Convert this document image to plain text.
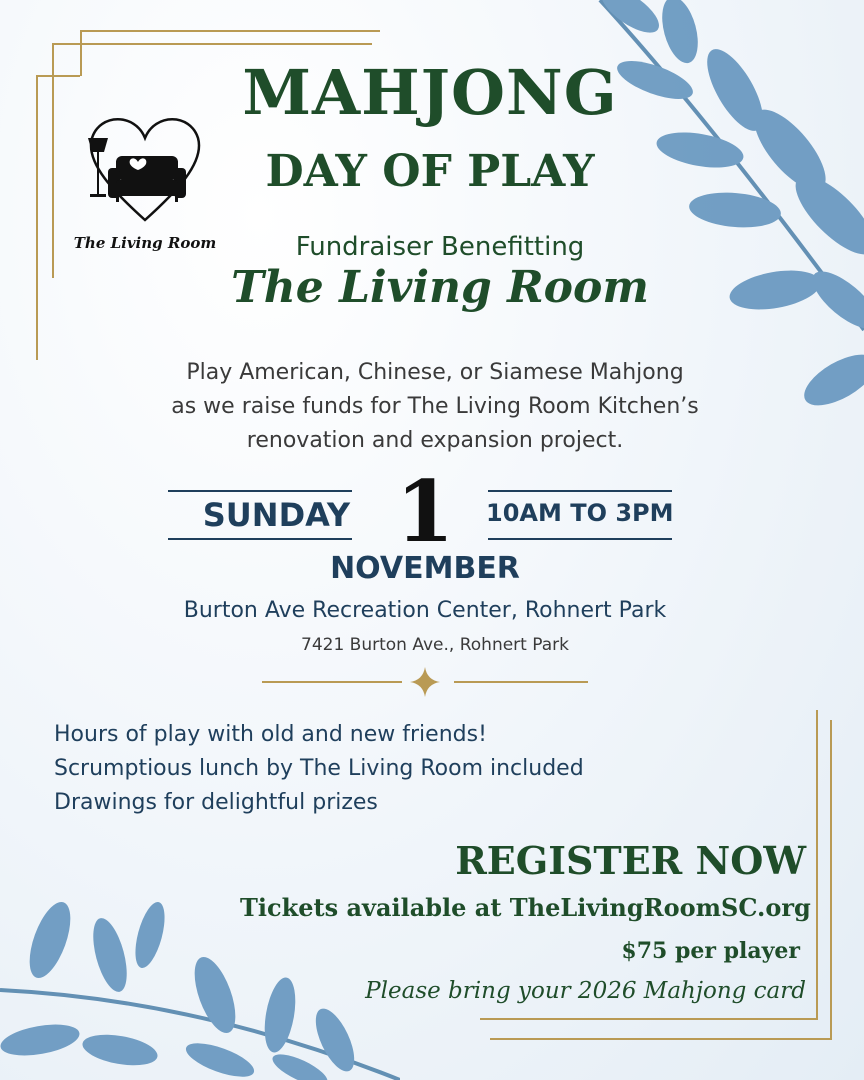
The Living Room
MAHJONG
DAY OF PLAY
Fundraiser Benefitting
The Living Room
Play American, Chinese, or Siamese Mahjong
as we raise funds for The Living Room Kitchen’s
renovation and expansion project.
SUNDAY 1 10AM TO 3PM
NOVEMBER
Burton Ave Recreation Center, Rohnert Park
7421 Burton Ave., Rohnert Park
Hours of play with old and new friends!
Scrumptious lunch by The Living Room included
Drawings for delightful prizes
REGISTER NOW
Tickets available at TheLivingRoomSC.org
$75 per player
Please bring your 2026 Mahjong card
